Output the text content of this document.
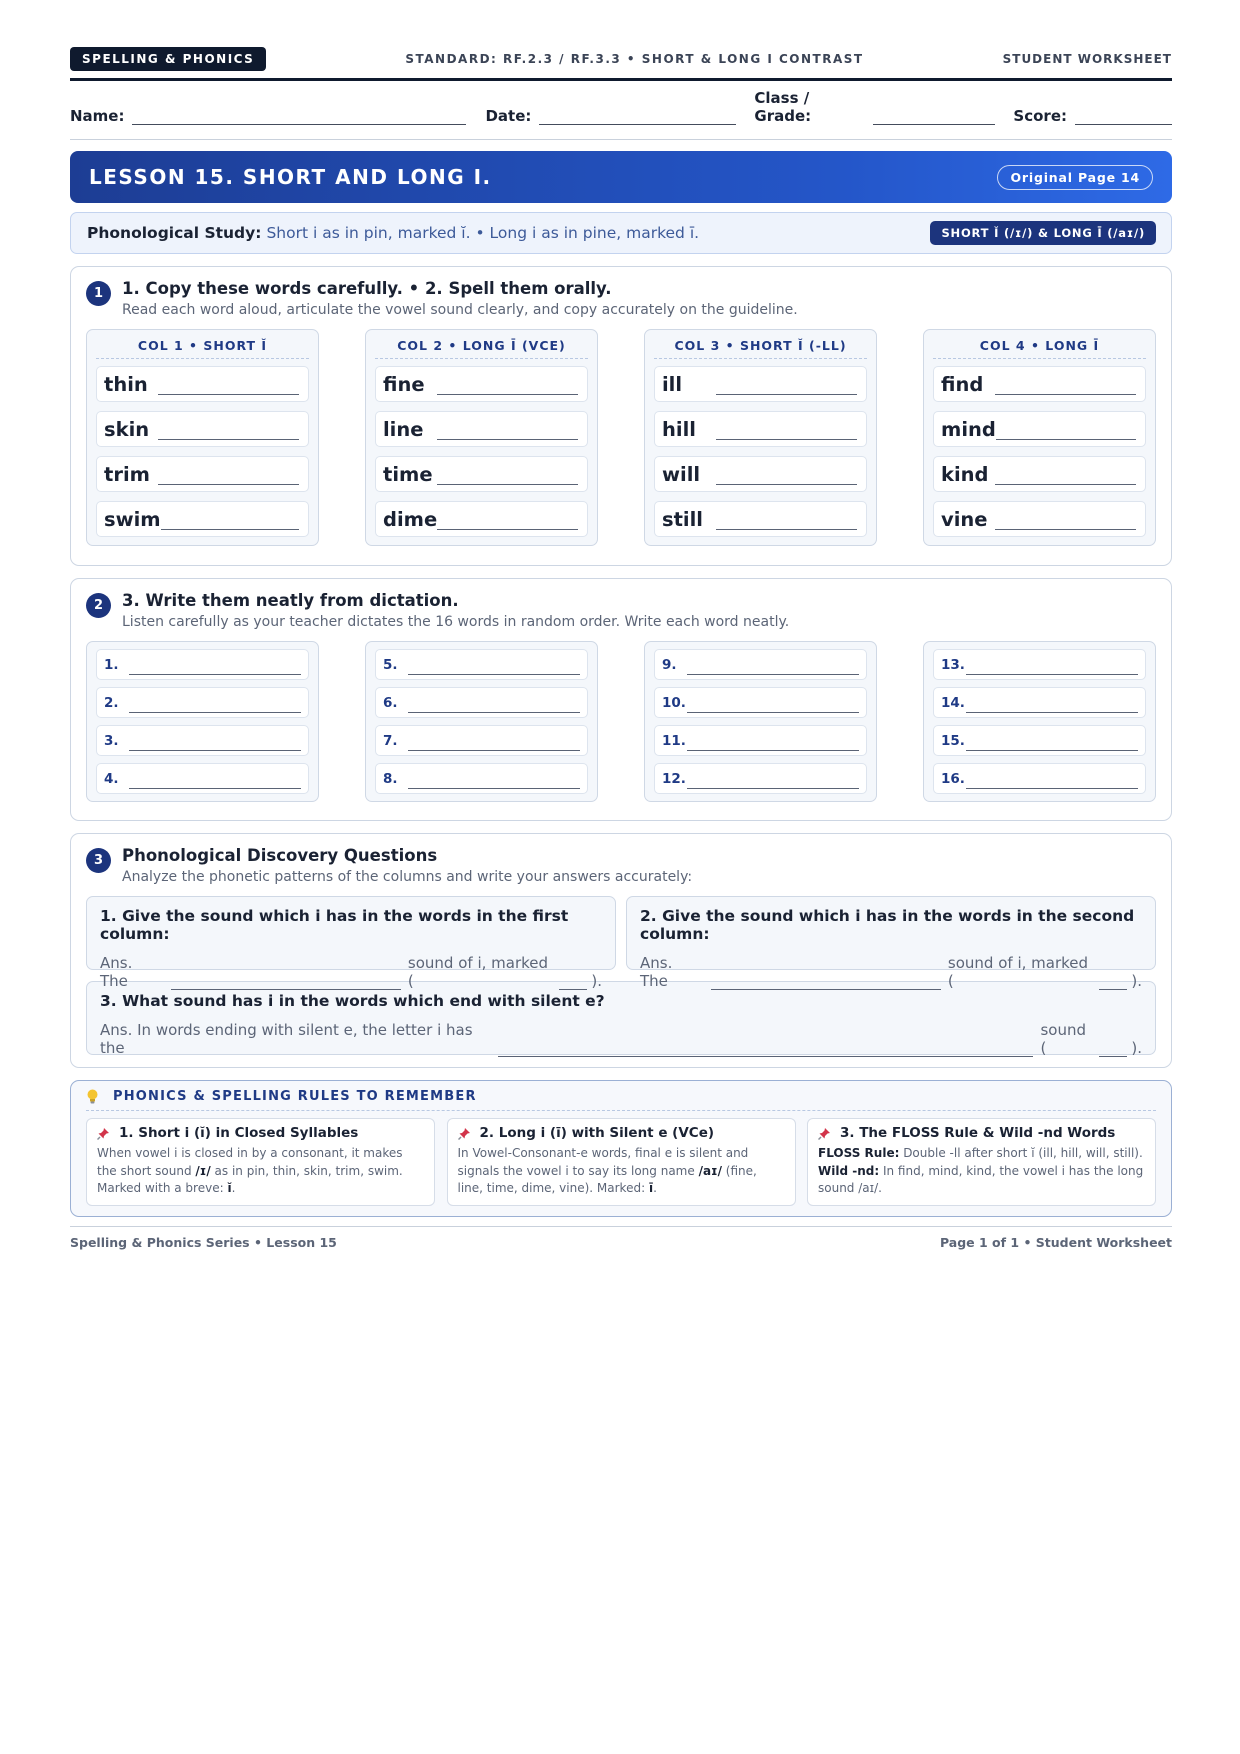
SPELLING & PHONICS	STANDARD: RF.2.3 / RF.3.3 • SHORT & LONG I CONTRAST	STUDENT WORKSHEET
Name:	Date:
Class / Grade:	Score:
LESSON 15. SHORT AND LONG I.	Original Page 14
Phonological Study: Short i as in pin, marked ĭ. • Long i as in pine, marked ī.	SHORT Ĭ (/ɪ/) & LONG Ī (/aɪ/)
1	1. Copy these words carefully. • 2. Spell them orally.
Read each word aloud, articulate the vowel sound clearly, and copy accurately on the guideline.
COL 1 • SHORT Ĭ
thin
skin
trim
swim
COL 2 • LONG Ī (VCE)
fine
line
time
dime
COL 3 • SHORT Ĭ (-LL)
ill
hill
will
still
COL 4 • LONG Ī
find
mind
kind
vine
2	3. Write them neatly from dictation.
Listen carefully as your teacher dictates the 16 words in random order. Write each word neatly.
1.
2.
3.
4.
5.
6.
7.
8.
9.
10.
11.
12.
13.
14.
15.
16.
3	Phonological Discovery Questions
Analyze the phonetic patterns of the columns and write your answers accurately:
1. Give the sound which i has in the words in the first column:
Ans. The
sound of i, marked (	).
2. Give the sound which i has in the words in the second column:
Ans. The
sound of i, marked (	).
3. What sound has i in the words which end with silent e?
Ans. In words ending with silent e, the letter i has the
sound (	).
PHONICS & SPELLING RULES TO REMEMBER
1. Short i (ĭ) in Closed Syllables
When vowel i is closed in by a consonant, it makes the short sound /ɪ/ as in pin, thin, skin, trim, swim. Marked with a breve: ĭ.
2. Long i (ī) with Silent e (VCe)
In Vowel-Consonant-e words, final e is silent and signals the vowel i to say its long name /aɪ/ (fine, line, time, dime, vine). Marked: ī.
3. The FLOSS Rule & Wild -nd Words
FLOSS Rule: Double -ll after short ĭ (ill, hill, will, still).
Wild -nd: In find, mind, kind, the vowel i has the long sound /aɪ/.
Spelling & Phonics Series • Lesson 15	Page 1 of 1 • Student Worksheet
